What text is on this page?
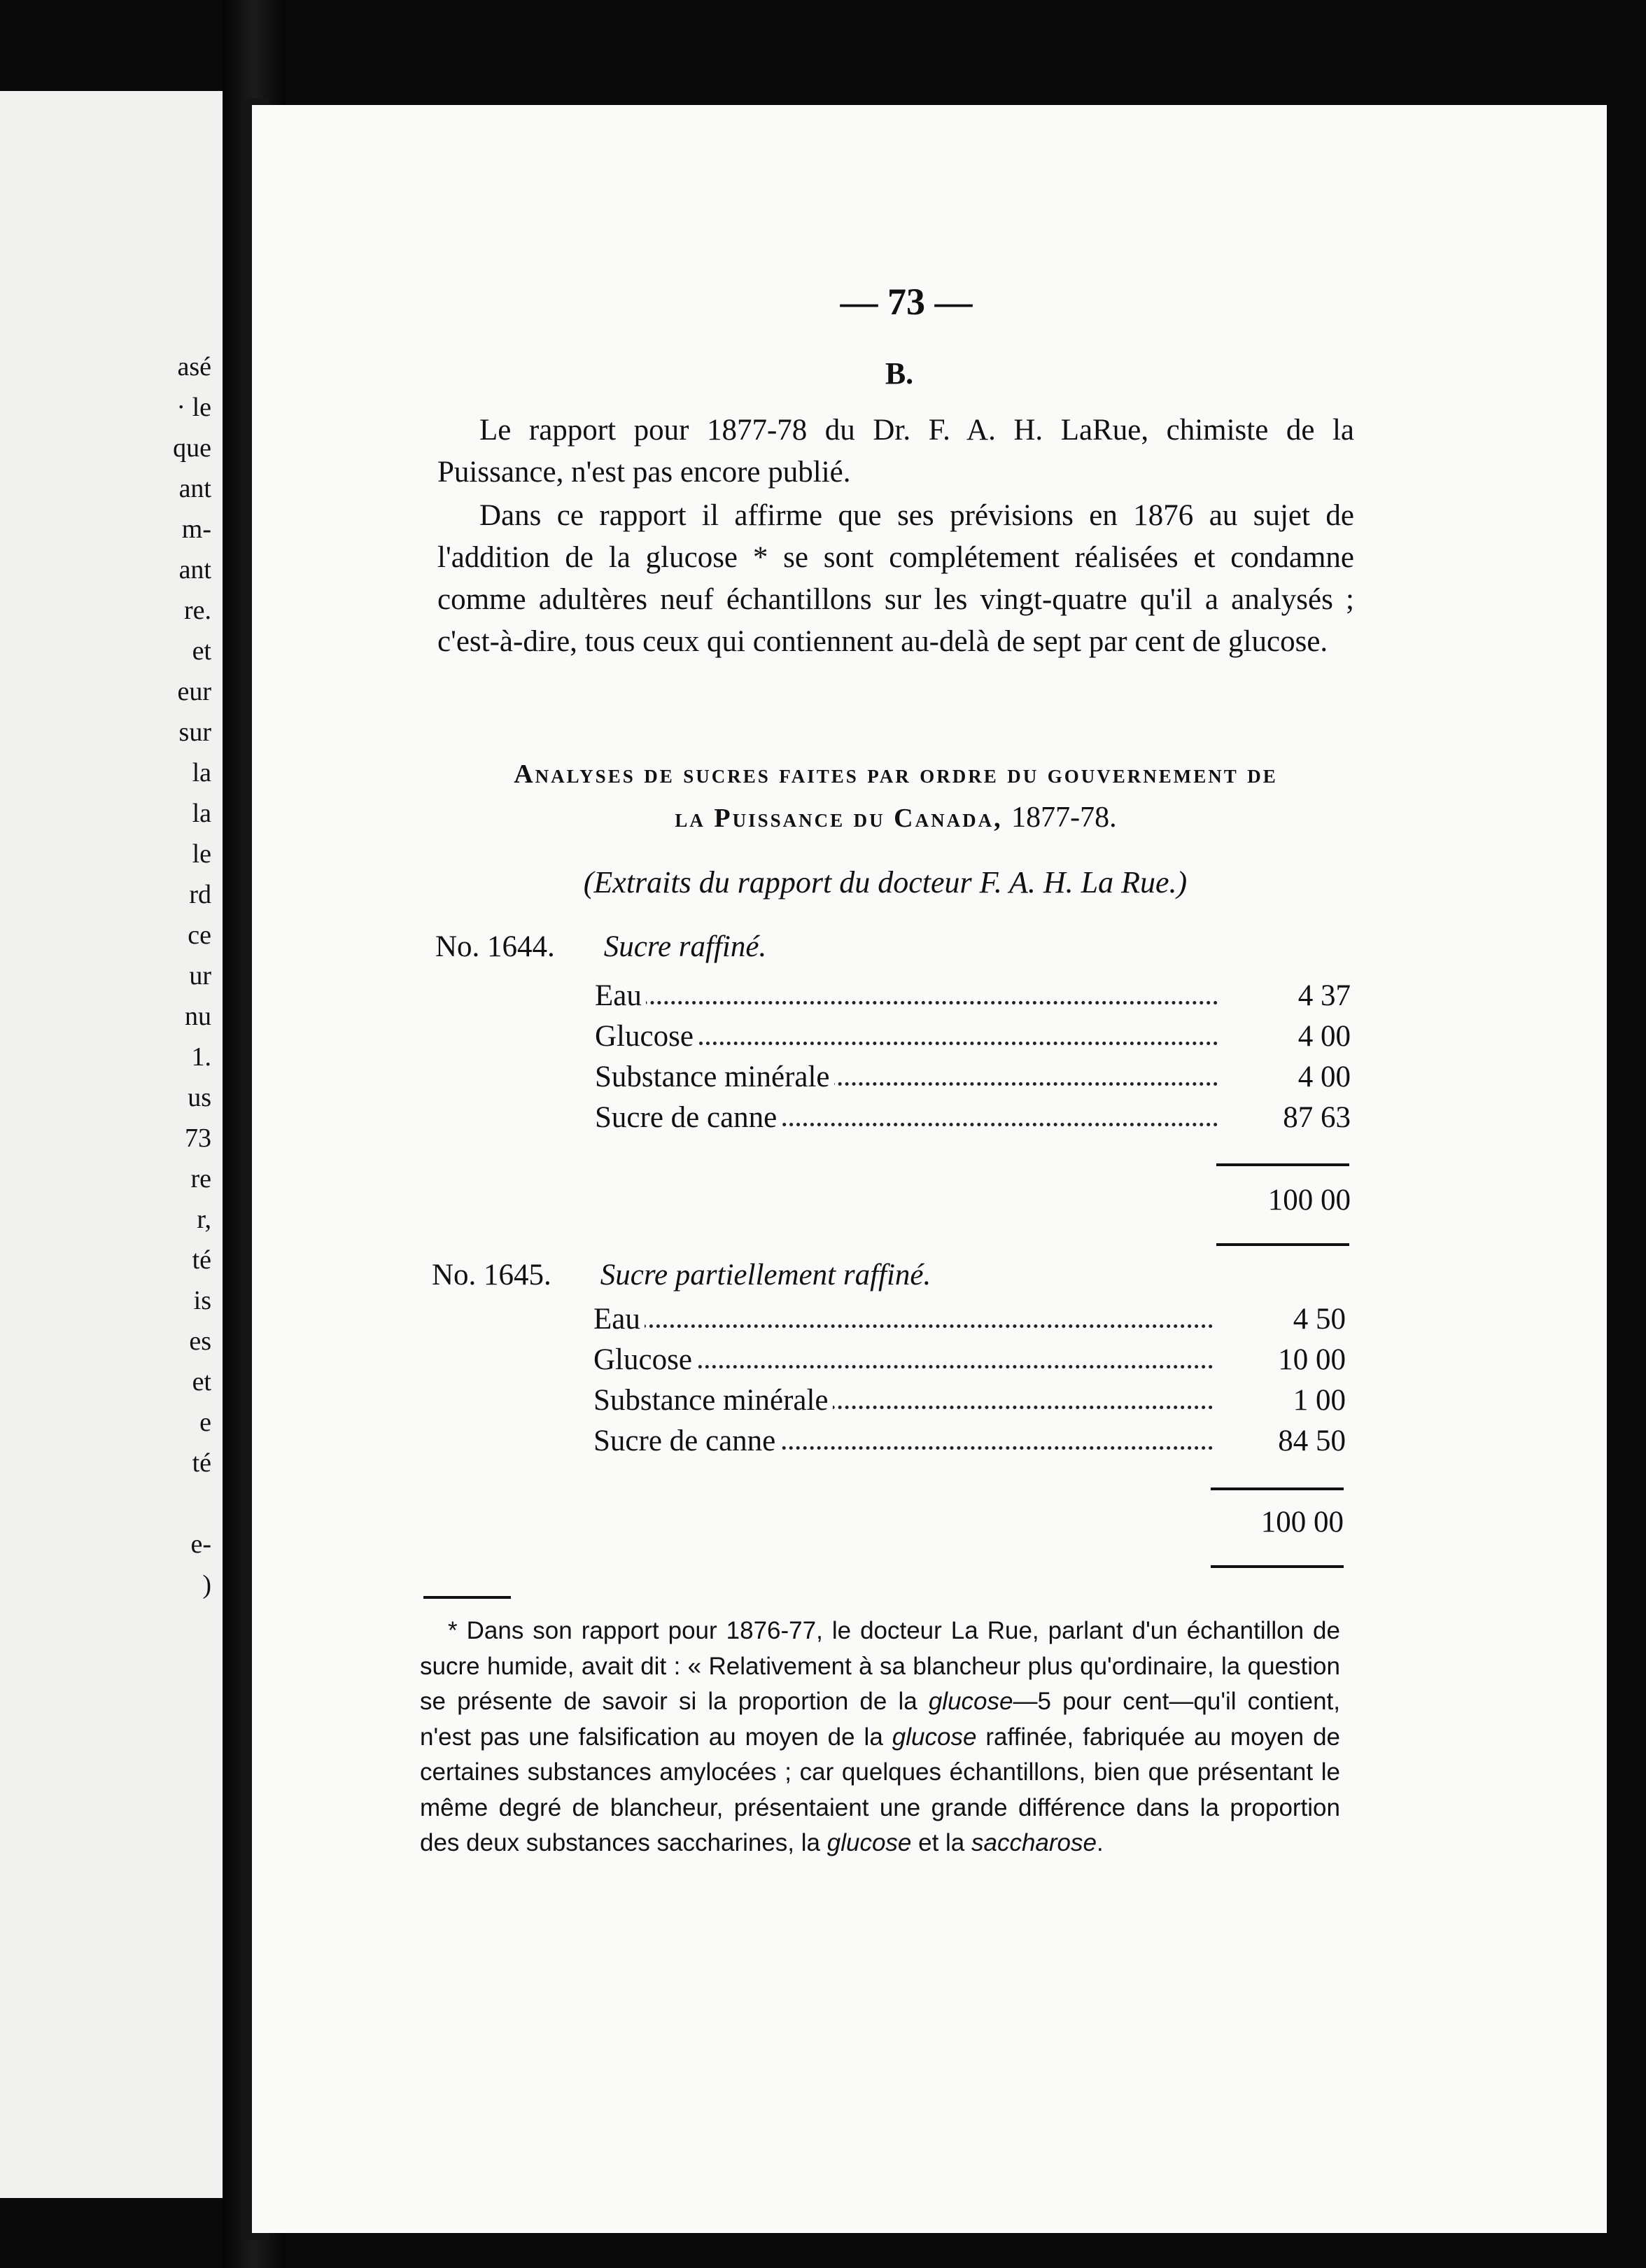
asé
· le
que
ant
m-
ant
re.
et
eur
sur
la
la
le
rd
ce
ur
nu
1.
us
73
re
r,
té
is
es
et
e
té
e-
)
— 73 —
B.

Le rapport pour 1877-78 du Dr. F. A. H. LaRue, chimiste de la Puissance, n'est pas encore publié.

Dans ce rapport il affirme que ses prévisions en 1876 au sujet de l'addition de la glucose * se sont complétement réalisées et condamne comme adultères neuf échantillons sur les vingt-quatre qu'il a analysés ; c'est-à-dire, tous ceux qui contiennent au-delà de sept par cent de glucose.

Analyses de sucres faites par ordre du gouvernement de
la Puissance du Canada, 1877-78.
(Extraits du rapport du docteur F. A. H. La Rue.)
No. 1644. Sucre raffiné.
Eau	4 37
Glucose	4 00
Substance minérale	4 00
Sucre de canne	87 63
100 00
No. 1645. Sucre partiellement raffiné.
Eau	4 50
Glucose	10 00
Substance minérale	1 00
Sucre de canne	84 50
100 00

* Dans son rapport pour 1876-77, le docteur La Rue, parlant d'un échantillon de sucre humide, avait dit : « Relativement à sa blancheur plus qu'ordinaire, la question se présente de savoir si la proportion de la glucose—5 pour cent—qu'il contient, n'est pas une falsification au moyen de la glucose raffinée, fabriquée au moyen de certaines substances amylocées ; car quelques échantillons, bien que présentant le même degré de blancheur, présentaient une grande différence dans la proportion des deux substances saccharines, la glucose et la saccharose.
